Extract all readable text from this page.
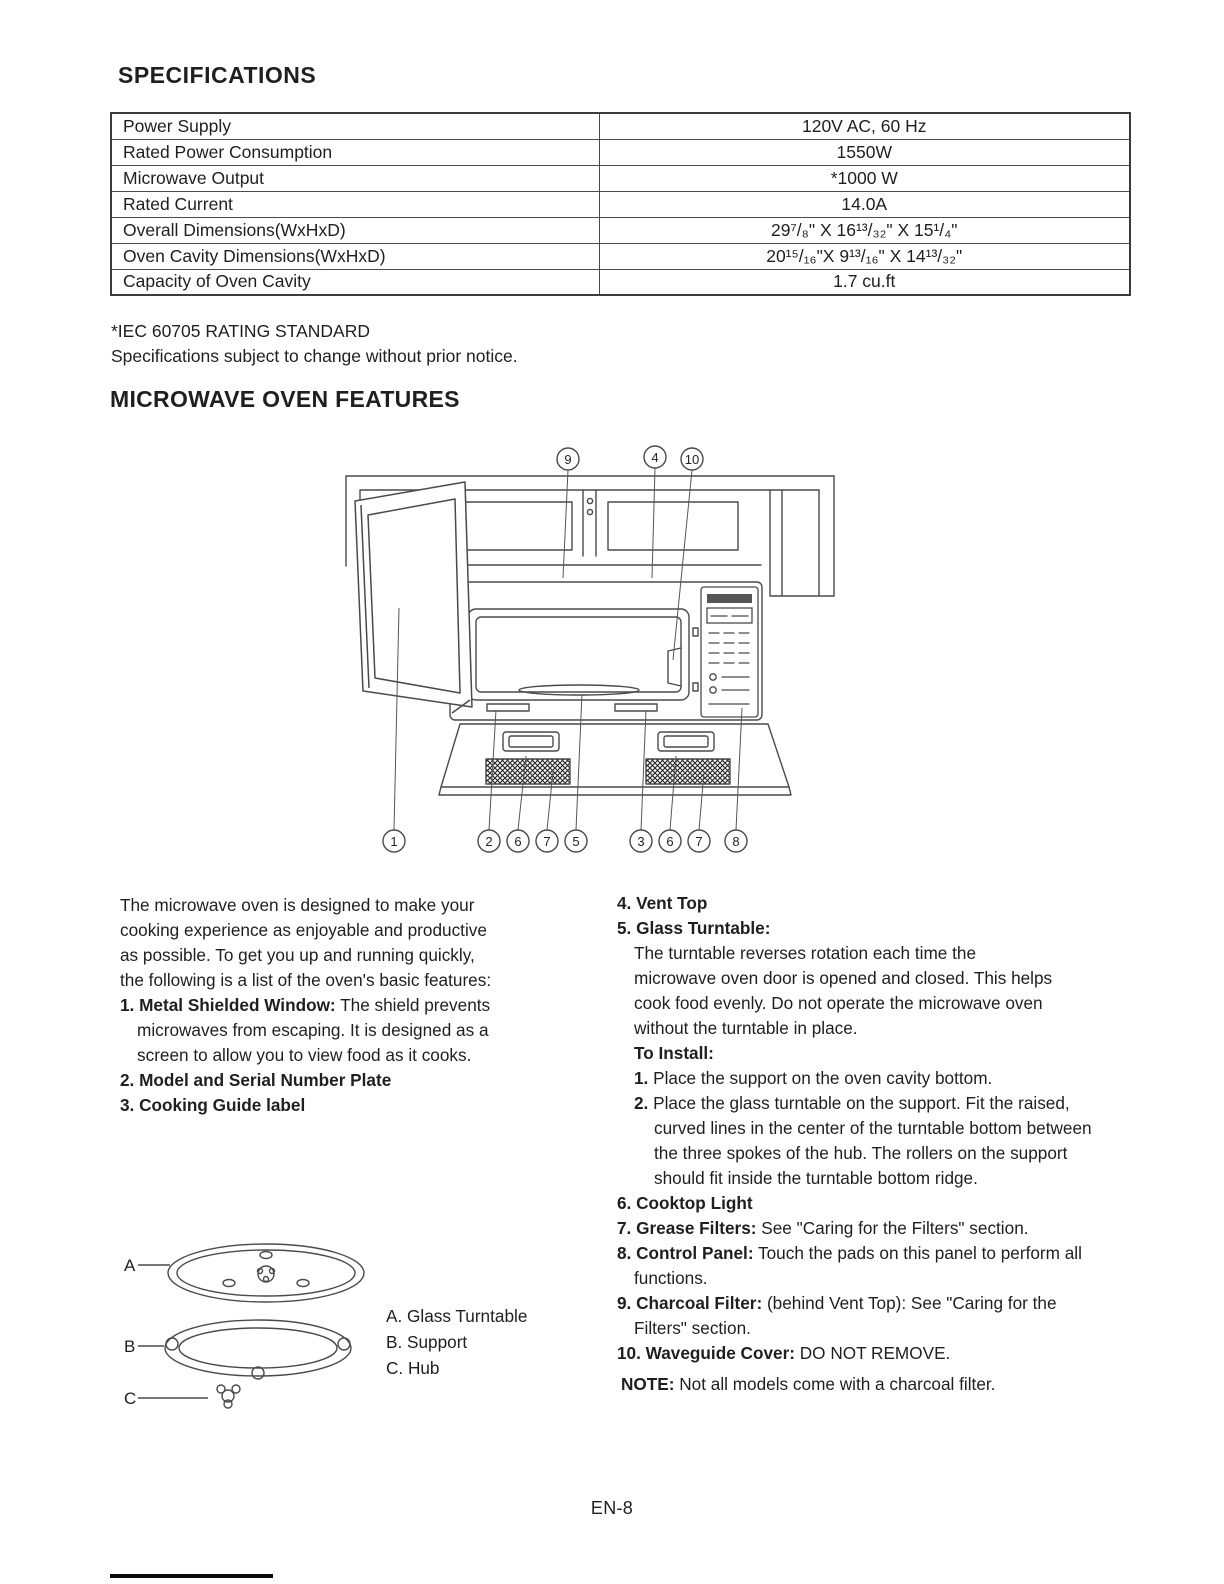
SPECIFICATIONS
Power Supply	120V AC, 60 Hz
Rated Power Consumption	1550W
Microwave Output	*1000 W
Rated Current	14.0A
Overall Dimensions(WxHxD)	29⁷/₈" X 16¹³/₃₂" X 15¹/₄"
Oven Cavity Dimensions(WxHxD)	20¹⁵/₁₆"X 9¹³/₁₆" X 14¹³/₃₂"
Capacity of Oven Cavity	1.7 cu.ft

*IEC 60705 RATING STANDARD

Specifications subject to change without prior notice.

MICROWAVE OVEN FEATURES
9	4 10
1	2 6 7 5	3 6 7 8

The microwave oven is designed to make your cooking experience as enjoyable and productive as possible. To get you up and running quickly, the following is a list of the oven's basic features:

1. Metal Shielded Window: The shield prevents microwaves from escaping. It is designed as a screen to allow you to view food as it cooks.

2. Model and Serial Number Plate

3. Cooking Guide label

4. Vent Top

5. Glass Turntable:

The turntable reverses rotation each time the microwave oven door is opened and closed. This helps cook food evenly. Do not operate the microwave oven without the turntable in place.

To Install:

1. Place the support on the oven cavity bottom.

2. Place the glass turntable on the support. Fit the raised, curved lines in the center of the turntable bottom between the three spokes of the hub. The rollers on the support should fit inside the turntable bottom ridge.

6. Cooktop Light

7. Grease Filters: See "Caring for the Filters" section.

8. Control Panel: Touch the pads on this panel to perform all functions.

9. Charcoal Filter: (behind Vent Top): See "Caring for the Filters" section.

10. Waveguide Cover: DO NOT REMOVE.

NOTE: Not all models come with a charcoal filter.

A
B
C
A. Glass Turntable
B. Support
C. Hub
EN-8
